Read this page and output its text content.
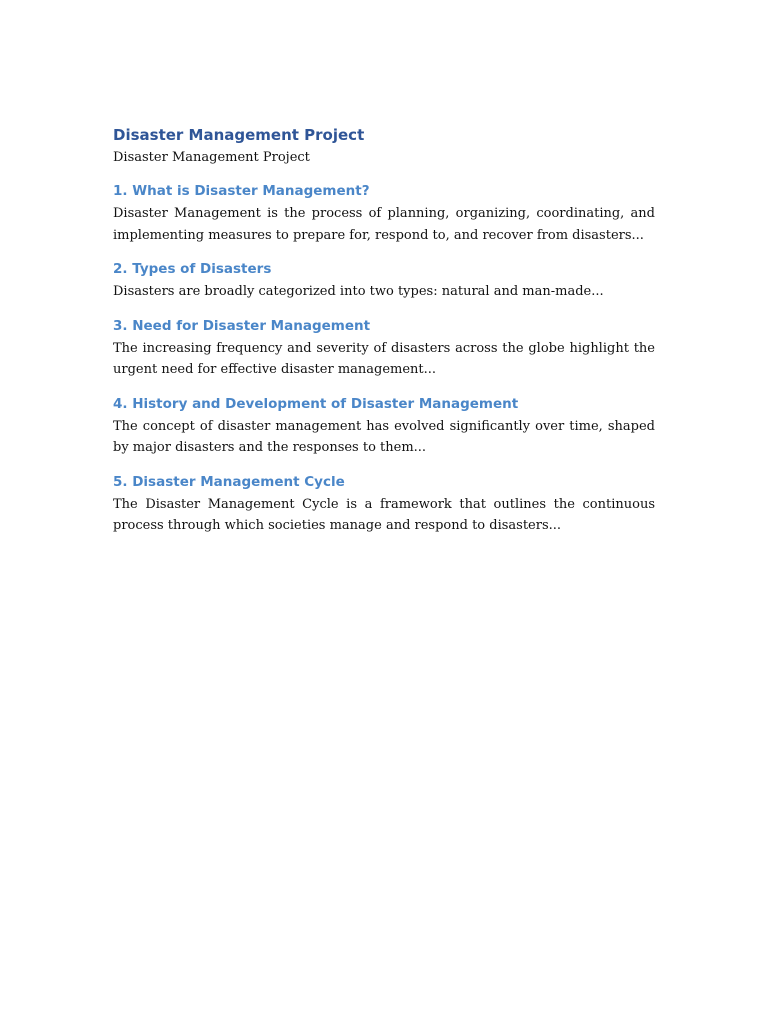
Disaster Management Project

Disaster Management Project

1. What is Disaster Management?

Disaster Management is the process of planning, organizing, coordinating, and implementing measures to prepare for, respond to, and recover from disasters...

2. Types of Disasters

Disasters are broadly categorized into two types: natural and man-made...

3. Need for Disaster Management

The increasing frequency and severity of disasters across the globe highlight the urgent need for effective disaster management...

4. History and Development of Disaster Management

The concept of disaster management has evolved significantly over time, shaped by major disasters and the responses to them...

5. Disaster Management Cycle

The Disaster Management Cycle is a framework that outlines the continuous process through which societies manage and respond to disasters...
